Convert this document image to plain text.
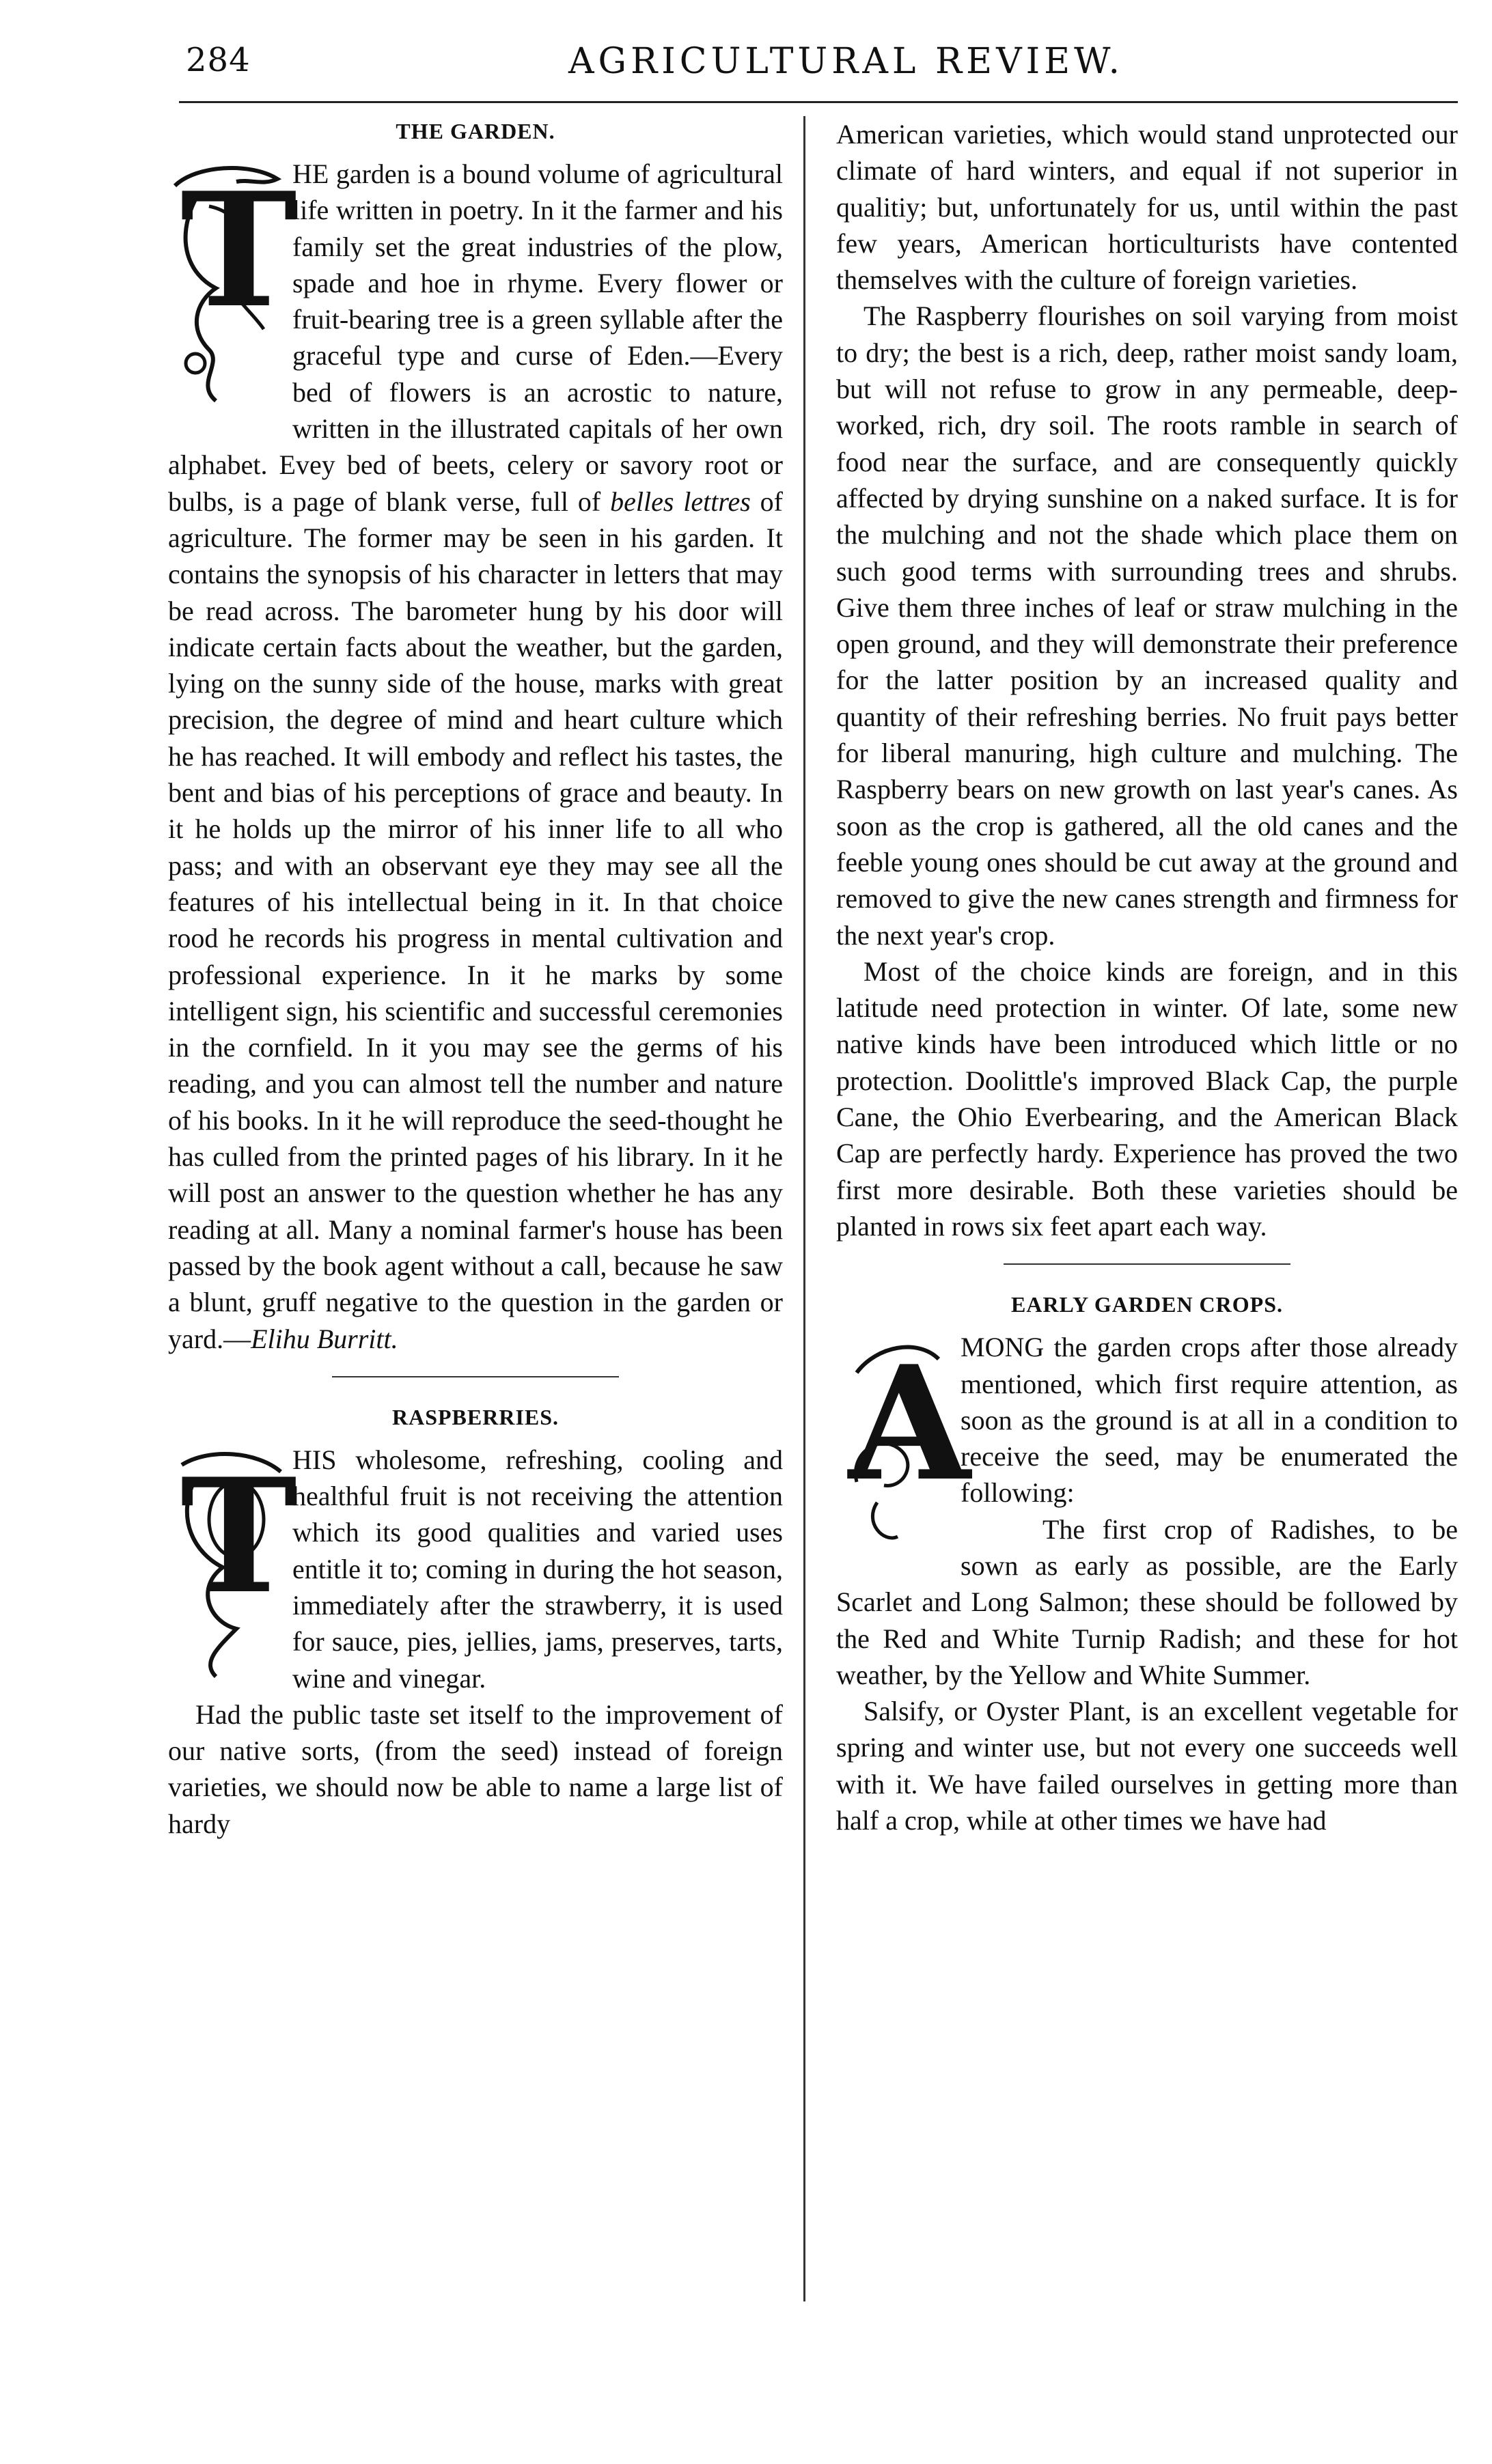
284	AGRICULTURAL REVIEW.
THE GARDEN.

T
HE garden is a bound volume of agricultural life written in poetry. In it the farmer and his family set the great industries of the plow, spade and hoe in rhyme. Every flower or fruit-bearing tree is a green syllable after the graceful type and curse of Eden.—Every bed of flowers is an acrostic to nature, written in the illustrated capitals of her own alphabet. Evey bed of beets, celery or savory root or bulbs, is a page of blank verse, full of belles lettres of agriculture. The former may be seen in his garden. It contains the synopsis of his character in letters that may be read across. The barometer hung by his door will indicate certain facts about the weather, but the garden, lying on the sunny side of the house, marks with great precision, the degree of mind and heart culture which he has reached. It will embody and reflect his tastes, the bent and bias of his perceptions of grace and beauty. In it he holds up the mirror of his inner life to all who pass; and with an observant eye they may see all the features of his intellectual being in it. In that choice rood he records his progress in mental cultivation and professional experience. In it he marks by some intelligent sign, his scientific and successful ceremonies in the cornfield. In it you may see the germs of his reading, and you can almost tell the number and nature of his books. In it he will reproduce the seed-thought he has culled from the printed pages of his library. In it he will post an answer to the question whether he has any reading at all. Many a nominal farmer's house has been passed by the book agent without a call, because he saw a blunt, gruff negative to the question in the garden or yard.—Elihu Burritt.

RASPBERRIES.

T
HIS wholesome, refreshing, cooling and healthful fruit is not receiving the attention which its good qualities and varied uses entitle it to; coming in during the hot season, immediately after the strawberry, it is used for sauce, pies, jellies, jams, preserves, tarts, wine and vinegar.

Had the public taste set itself to the improvement of our native sorts, (from the seed) instead of foreign varieties, we should now be able to name a large list of hardy

American varieties, which would stand unprotected our climate of hard winters, and equal if not superior in qualitiy; but, unfortunately for us, until within the past few years, American horticulturists have contented themselves with the culture of foreign varieties.

The Raspberry flourishes on soil varying from moist to dry; the best is a rich, deep, rather moist sandy loam, but will not refuse to grow in any permeable, deep-worked, rich, dry soil. The roots ramble in search of food near the surface, and are consequently quickly affected by drying sunshine on a naked surface. It is for the mulching and not the shade which place them on such good terms with surrounding trees and shrubs. Give them three inches of leaf or straw mulching in the open ground, and they will demonstrate their preference for the latter position by an increased quality and quantity of their refreshing berries. No fruit pays better for liberal manuring, high culture and mulching. The Raspberry bears on new growth on last year's canes. As soon as the crop is gathered, all the old canes and the feeble young ones should be cut away at the ground and removed to give the new canes strength and firmness for the next year's crop.

Most of the choice kinds are foreign, and in this latitude need protection in winter. Of late, some new native kinds have been introduced which little or no protection. Doolittle's improved Black Cap, the purple Cane, the Ohio Everbearing, and the American Black Cap are perfectly hardy. Experience has proved the two first more desirable. Both these varieties should be planted in rows six feet apart each way.

EARLY GARDEN CROPS.

A
MONG the garden crops after those already mentioned, which first require attention, as soon as the ground is at all in a condition to receive the seed, may be enumerated the following:

The first crop of Radishes, to be sown as early as possible, are the Early Scarlet and Long Salmon; these should be followed by the Red and White Turnip Radish; and these for hot weather, by the Yellow and White Summer.

Salsify, or Oyster Plant, is an excellent vegetable for spring and winter use, but not every one succeeds well with it. We have failed ourselves in getting more than half a crop, while at other times we have had
